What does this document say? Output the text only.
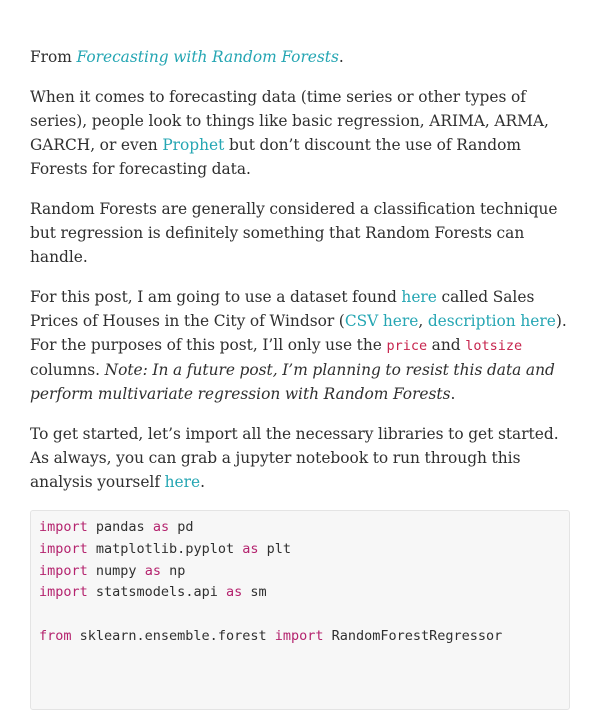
From Forecasting with Random Forests.

When it comes to forecasting data (time series or other types of series), people look to things like basic regression, ARIMA, ARMA, GARCH, or even Prophet but don’t discount the use of Random Forests for forecasting data.

Random Forests are generally considered a classification technique but regression is definitely something that Random Forests can handle.

For this post, I am going to use a dataset found here called Sales Prices of Houses in the City of Windsor (CSV here, description here). For the purposes of this post, I’ll only use the price and lotsize columns. Note: In a future post, I’m planning to resist this data and perform multivariate regression with Random Forests.

To get started, let’s import all the necessary libraries to get started. As always, you can grab a jupyter notebook to run through this analysis yourself here.

import pandas as pd
import matplotlib.pyplot as plt
import numpy as np
import statsmodels.api as sm

from sklearn.ensemble.forest import RandomForestRegressor
